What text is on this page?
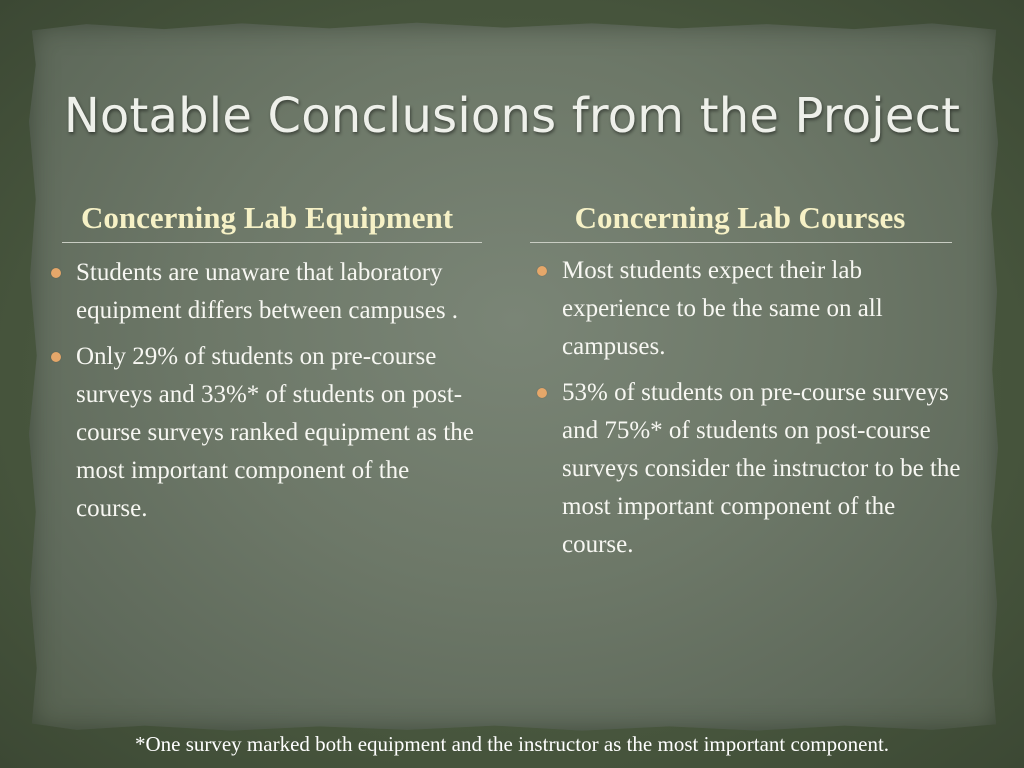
Notable Conclusions from the Project
Concerning Lab Equipment
Students are unaware that laboratory equipment differs between campuses .
Only 29% of students on pre-course surveys and 33%* of students on post-course surveys ranked equipment as the most important component of the course.
Concerning Lab Courses
Most students expect their lab experience to be the same on all campuses.
53% of students on pre-course surveys and 75%* of students on post-course surveys consider the instructor to be the most important component of the course.

*One survey marked both equipment and the instructor as the most important component.
